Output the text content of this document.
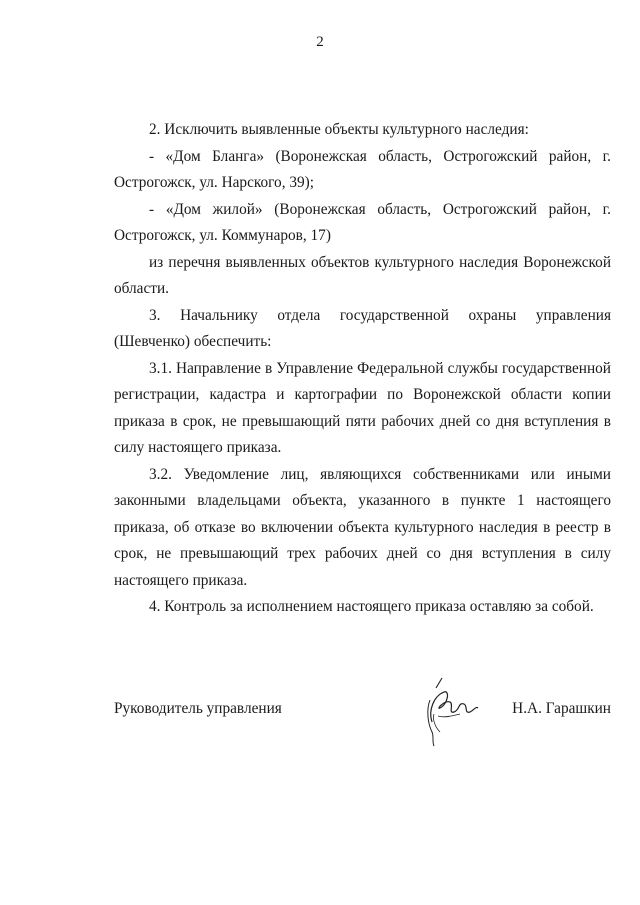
2

2. Исключить выявленные объекты культурного наследия:

- «Дом Бланга» (Воронежская область, Острогожский район, г. Острогожск, ул. Нарского, 39);

- «Дом жилой» (Воронежская область, Острогожский район, г. Острогожск, ул. Коммунаров, 17)

из перечня выявленных объектов культурного наследия Воронежской области.

3. Начальнику отдела государственной охраны управления (Шевченко) обеспечить:

3.1. Направление в Управление Федеральной службы государственной регистрации, кадастра и картографии по Воронежской области копии приказа в срок, не превышающий пяти рабочих дней со дня вступления в силу настоящего приказа.

3.2. Уведомление лиц, являющихся собственниками или иными законными владельцами объекта, указанного в пункте 1 настоящего приказа, об отказе во включении объекта культурного наследия в реестр в срок, не превышающий трех рабочих дней со дня вступления в силу настоящего приказа.

4. Контроль за исполнением настоящего приказа оставляю за собой.

Руководитель управления	Н.А. Гарашкин
